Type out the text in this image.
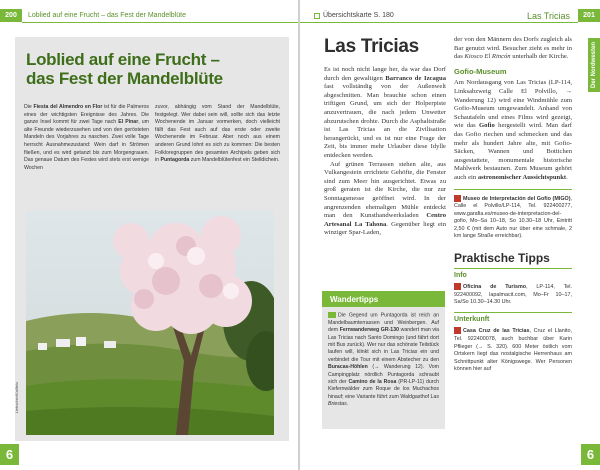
200	Loblied auf eine Frucht – das Fest der Mandelblüte
Loblied auf eine Frucht –
das Fest der Mandelblüte
Die Fiesta del Almendro en Flor ist für die Palmeros eines der wichtigsten Ereignisse des Jahres. Die ganze Insel kommt für zwei Tage nach El Pinar, um alte Freunde wiederzusehen und von den gerösteten Mandeln des Vorjahres zu naschen. Zwei volle Tage herrscht Ausnahmezustand: Wein darf in Strömen fließen, und es wird getanzt bis zum Morgengrauen. Das genaue Datum des Festes wird stets erst wenige Wochen
zuvor, abhängig vom Stand der Mandelblüte, festgelegt. Wer dabei sein will, sollte sich das letzte Wochenende im Januar vormerken, doch vielleicht fällt das Fest auch auf das erste oder zweite Wochenende im Februar. Aber noch aus einem anderen Grund lohnt es sich zu kommen: Die besten Folkloregruppen des gesamten Archipels geben sich in Puntagorda zum Mandelblütenfest ein Stelldichein.
Liebscher/Kallfelz
6
Übersichtskarte S. 180	Las Tricias	201
Las Tricias

Es ist noch nicht lange her, da war das Dorf durch den gewaltigen Barranco de Izcagua fast vollständig von der Außenwelt abgeschnitten. Man brauchte schon einen triftigen Grund, um sich der Holperpiste anzuvertrauen, die nach jedem Unwetter abzurutschen drohte. Durch die Asphaltstraße ist Las Tricias an die Zivilisation herangerückt, und es ist nur eine Frage der Zeit, bis immer mehr Urlauber diese Idylle entdecken werden.

Auf grünen Terrassen stehen alte, aus Vulkangestein errichtete Gehöfte, die Fenster sind zum Meer hin ausgerichtet. Etwas zu groß geraten ist die Kirche, die nur zur Sonntagsmesse geöffnet wird. In der angrenzenden ehemaligen Mühle entdeckt man den Kunsthandwerksladen Centro Artesanal La Tahona. Gegenüber liegt ein winziger Spar-Laden,

der von den Männern des Dorfs zugleich als Bar genutzt wird. Besucher zieht es mehr in das Kiosco El Rincón unterhalb der Kirche.

Gofio-Museum

Am Nordausgang von Las Tricias (LP-114, Linksabzweig Calle El Polvillo, → Wanderung 12) wird eine Windmühle zum Gofio-Museum umgewandelt. Anhand von Schautafeln und eines Films wird gezeigt, wie das Gofio hergestellt wird. Man darf das Gofio riechen und schmecken und das mehr als hundert Jahre alte, mit Gofio-Säcken, Wannen und Bottichen ausgestattete, monumentale historische Mahlwerk bestaunen. Zum Museum gehört auch ein astronomischer Aussichtspunkt.

Museo de Interpretación del Gofio (MIGO), Calle el Polvillo/LP-114, Tel. 922400277, www.garafia.es/museo-de-interpretacion-del-gofio, Mo–Sa 10–18, So 10.30–18 Uhr, Eintritt 2,50 € (mit dem Auto nur über eine schmale, 2 km lange Straße erreichbar).
Praktische Tipps
Info
Oficina de Turismo, LP-114, Tel. 922400092, lapalmacit.com, Mo–Fr 10–17, Sa/So 10.30–14.30 Uhr.
Unterkunft
Casa Cruz de las Tricias, Cruz el Llanito, Tel. 922400078, auch buchbar über Karin Pflieger (→ S. 320). 600 Meter östlich vom Ortskern liegt das nostalgische Herrenhaus am Schnittpunkt alter Königswege. Wer Personen können hier auf
Der Nordwesten
6
Wandertipps
Die Gegend um Puntagorda ist reich an Mandelbaumterrassen und Weinbergen. Auf dem Fernwanderweg GR-130 wandert man via Las Tricias nach Santo Domingo (und fährt dort mit Bus zurück). Wer nur das schönste Teilstück laufen will, klinkt sich in Las Tricias ein und verbindet die Tour mit einem Abstecher zu den Buracas-Höhlen (→ Wanderung 12). Vom Campingplatz nördlich Puntagorda schraubt sich der Camino de la Rosa (PR-LP-11) durch Kiefernwälder zum Roque de los Muchachos hinauf; eine Variante führt zum Waldgasthof Las Briestas.
